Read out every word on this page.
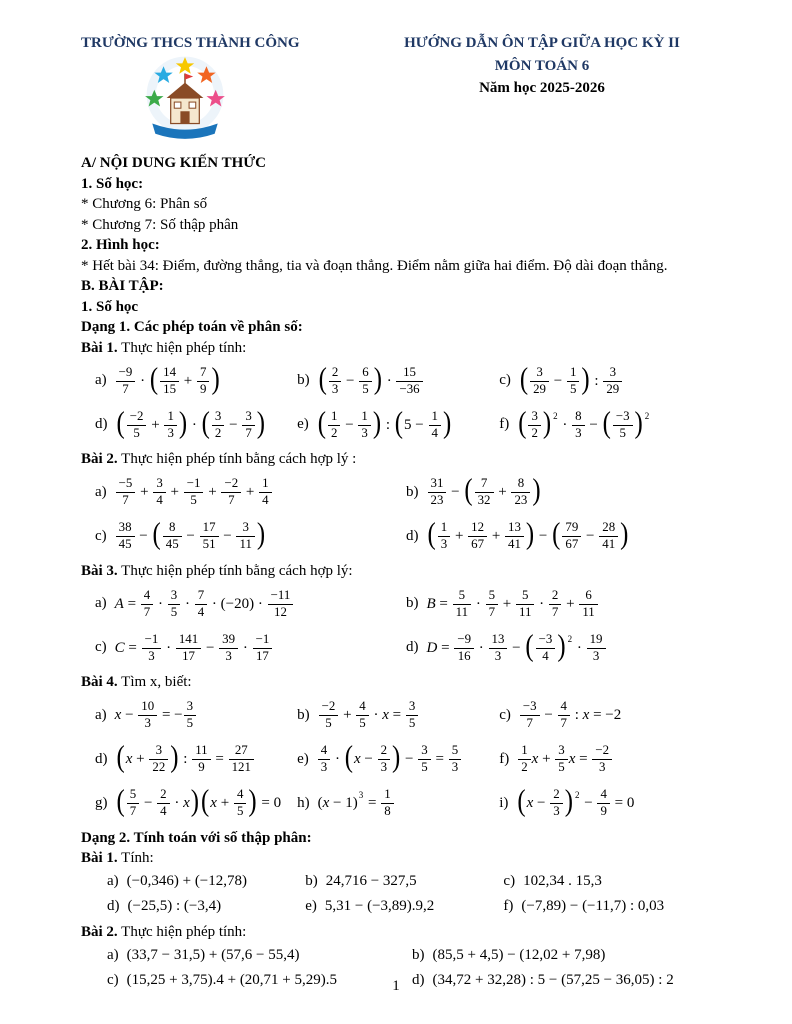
TRƯỜNG THCS THÀNH CÔNG	HƯỚNG DẪN ÔN TẬP GIỮA HỌC KỲ II
MÔN TOÁN 6
Năm học 2025-2026
A/ NỘI DUNG KIẾN THỨC
1. Số học:
* Chương 6: Phân số
* Chương 7: Số thập phân
2. Hình học:
* Hết bài 34: Điểm, đường thẳng, tia và đoạn thẳng. Điểm nằm giữa hai điểm. Độ dài đoạn thẳng.
B. BÀI TẬP:
1. Số học
Dạng 1. Các phép toán về phân số:
Bài 1. Thực hiện phép tính:
$a) \frac{-9}{7}$ · ( $\frac{14}{15} + \frac{7}{9}$ )	b) ( $\frac{2}{3} - \frac{6}{5}$ ) · $\frac{15}{-36}$	c) ( $\frac{3}{29} - \frac{1}{5}$ ) : $\frac{3}{29}$
d) ( $\frac{-2}{5} + \frac{1}{3}$ ) · ( $\frac{3}{2} - \frac{3}{7}$ ) e) ( $\frac{1}{2} - \frac{1}{3}$ ) : ($5 - \frac{1}{4}$ )	f) ( $\frac{3}{2}$ ) $^2 \cdot \frac{8}{3}$ − ( $\frac{-3}{5}$ ) $^2$
Bài 2. Thực hiện phép tính bằng cách hợp lý :
$a) \frac{-5}{7} + \frac{3}{4} + \frac{-1}{5} + \frac{-2}{7} + \frac{1}{4}$	$b) \frac{31}{23}$ − ( $\frac{7}{32} + \frac{8}{23}$ )
$c) \frac{38}{45}$ − ( $\frac{8}{45} - \frac{17}{51} - \frac{3}{11}$ )	d) ( $\frac{1}{3} + \frac{12}{67} + \frac{13}{41}$ ) − ( $\frac{79}{67} - \frac{28}{41}$ )
Bài 3. Thực hiện phép tính bằng cách hợp lý:
a) $A = \frac{4}{7} \cdot \frac{3}{5} \cdot \frac{7}{4} \cdot (-20) \cdot \frac{-11}{12}$	b) $B = \frac{5}{11} \cdot \frac{5}{7} + \frac{5}{11} \cdot \frac{2}{7} + \frac{6}{11}$
c) $C = \frac{-1}{3} \cdot \frac{141}{17} - \frac{39}{3} \cdot \frac{-1}{17}$	d) $D = \frac{-9}{16} \cdot \frac{13}{3}$ − ( $\frac{-3}{4}$ ) $^2 \cdot \frac{19}{3}$
Bài 4. Tìm x, biết:
a) $x - \frac{10}{3}$ = − $\frac{3}{5}$	$b) \frac{-2}{5} + \frac{4}{5} \cdot x = \frac{3}{5}$	$c) \frac{-3}{7} - \frac{4}{7}$ : x = −2
d) ($x + \frac{3}{22}$ ) : $\frac{11}{9} = \frac{27}{121}$	$e) \frac{4}{3} \cdot (x - \frac{2}{3}$ ) − $\frac{3}{5} = \frac{5}{3}$	$f) \frac{1}{2}$ $x + \frac{3}{5}$ $x = \frac{-2}{3}$
g) ( $\frac{5}{7} - \frac{2}{4} \cdot x)(x + \frac{4}{5}$ ) = 0 h) $(x - 1)^3 = \frac{1}{8}$	i) ($x - \frac{2}{3}$ ) $^2 - \frac{4}{9} = 0$
Dạng 2. Tính toán với số thập phân:
Bài 1. Tính:
a) (−0,346) + (−12,78)	b) 24,716 − 327,5	c) 102,34 . 15,3
d) (−25,5) : (−3,4)	e) 5,31 − (−3,89).9,2	f) (−7,89) − (−11,7) : 0,03
Bài 2. Thực hiện phép tính:
a) (33,7 − 31,5) + (57,6 − 55,4)	b) (85,5 + 4,5) − (12,02 + 7,98)
c) (15,25 + 3,75).4 + (20,71 + 5,29).5	d) (34,72 + 32,28) : 5 − (57,25 − 36,05) : 2
1
